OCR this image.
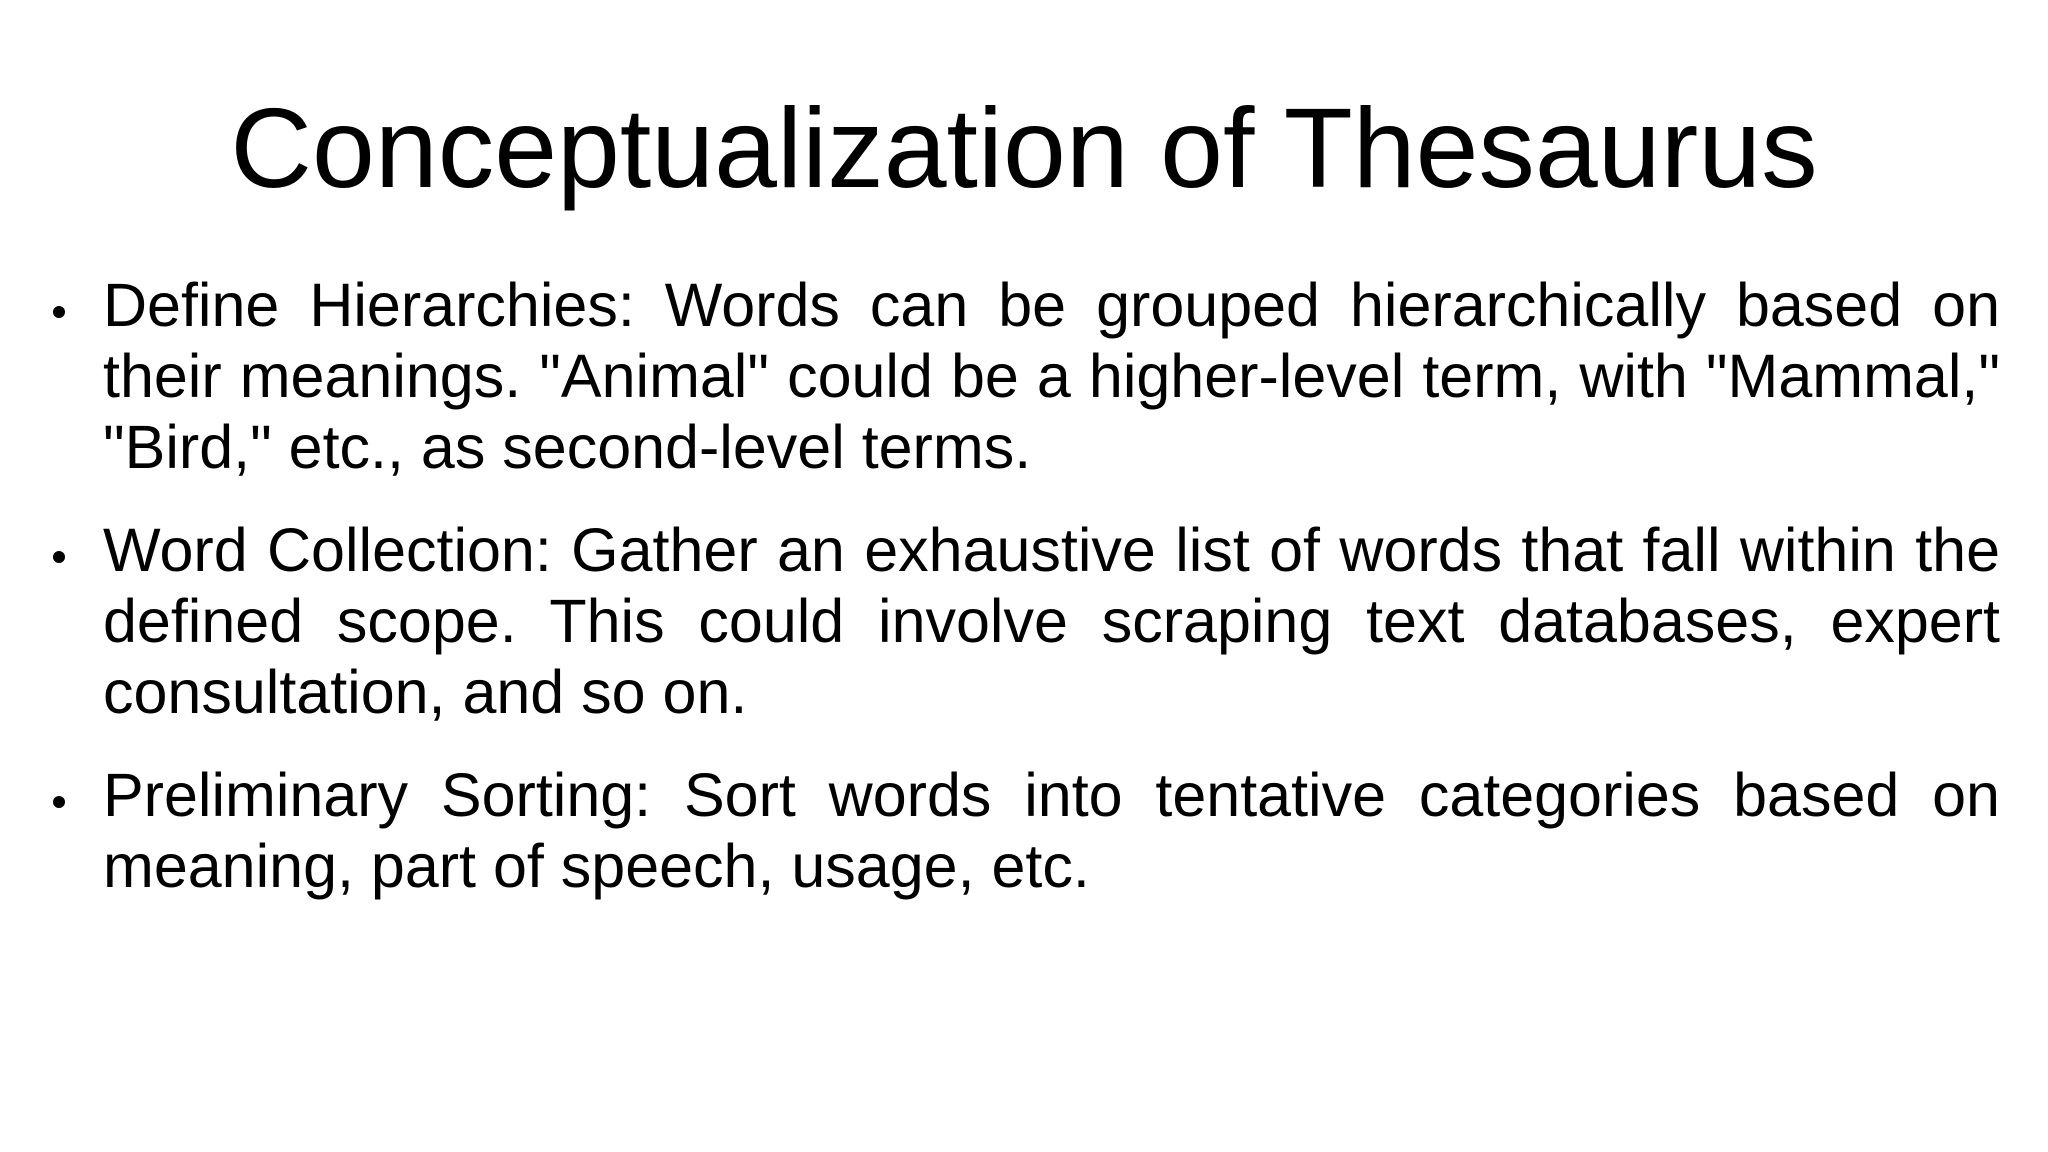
Conceptualization of Thesaurus
Define Hierarchies: Words can be grouped hierarchically based on their meanings. "Animal" could be a higher-level term, with "Mammal," "Bird," etc., as second-level terms.
Word Collection: Gather an exhaustive list of words that fall within the defined scope. This could involve scraping text databases, expert consultation, and so on.
Preliminary Sorting: Sort words into tentative categories based on meaning, part of speech, usage, etc.
